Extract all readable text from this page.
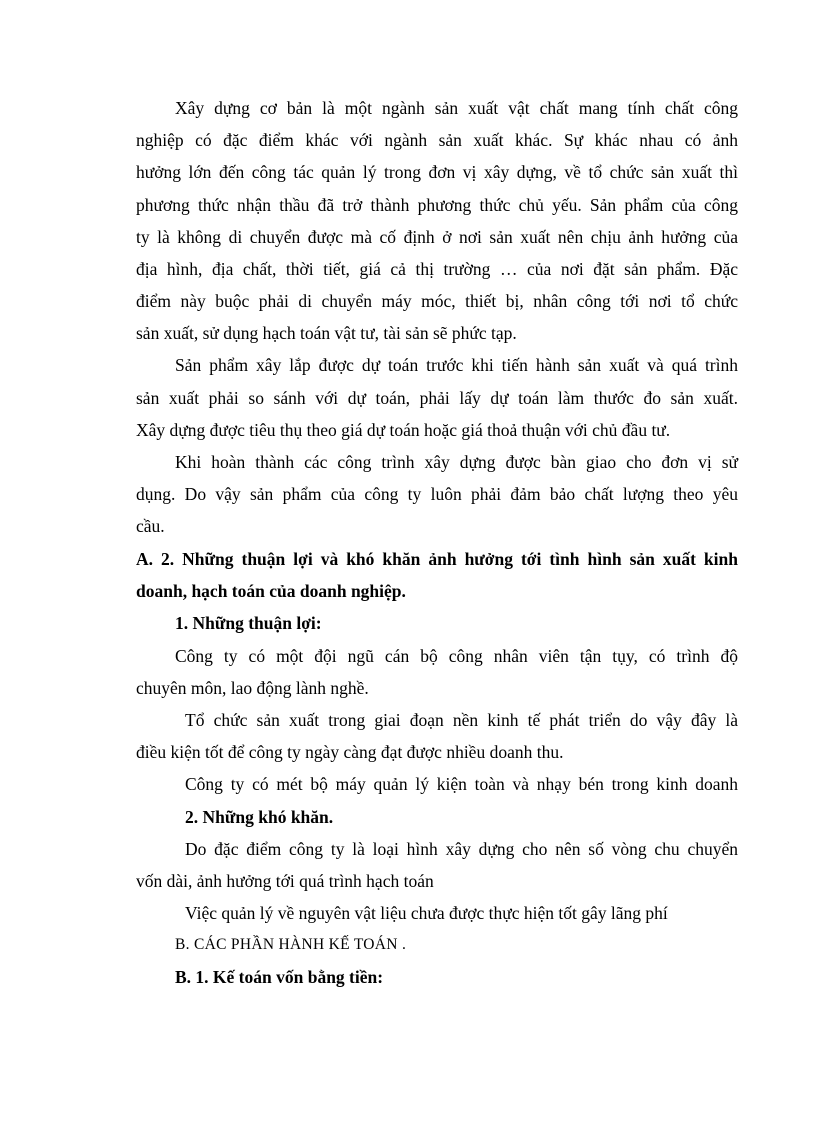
Xây dựng cơ bản là một ngành sản xuất vật chất mang tính chất công
nghiệp có đặc điểm khác với ngành sản xuất khác. Sự khác nhau có ảnh
hưởng lớn đến công tác quản lý trong đơn vị xây dựng, về tổ chức sản xuất thì
phương thức nhận thầu đã trở thành phương thức chủ yếu. Sản phẩm của công
ty là không di chuyển được mà cố định ở nơi sản xuất nên chịu ảnh hưởng của
địa hình, địa chất, thời tiết, giá cả thị trường … của nơi đặt sản phẩm. Đặc
điểm này buộc phải di chuyển máy móc, thiết bị, nhân công tới nơi tổ chức
sản xuất, sử dụng hạch toán vật tư, tài sản sẽ phức tạp.
Sản phẩm xây lắp được dự toán trước khi tiến hành sản xuất và quá trình
sản xuất phải so sánh với dự toán, phải lấy dự toán làm thước đo sản xuất.
Xây dựng được tiêu thụ theo giá dự toán hoặc giá thoả thuận với chủ đầu tư.
Khi hoàn thành các công trình xây dựng được bàn giao cho đơn vị sử
dụng. Do vậy sản phẩm của công ty luôn phải đảm bảo chất lượng theo yêu
cầu.
A. 2. Những thuận lợi và khó khăn ảnh hưởng tới tình hình sản xuất kinh
doanh, hạch toán của doanh nghiệp.
1. Những thuận lợi:
Công ty có một đội ngũ cán bộ công nhân viên tận tụy, có trình độ
chuyên môn, lao động lành nghề.
Tổ chức sản xuất trong giai đoạn nền kinh tế phát triển do vậy đây là
điều kiện tốt để công ty ngày càng đạt được nhiều doanh thu.
Công ty có mét bộ máy quản lý kiện toàn và nhạy bén trong kinh doanh
2. Những khó khăn.
Do đặc điểm công ty là loại hình xây dựng cho nên số vòng chu chuyển
vốn dài, ảnh hưởng tới quá trình hạch toán
Việc quản lý về nguyên vật liệu chưa được thực hiện tốt gây lãng phí
B. CÁC PHẦN HÀNH KẾ TOÁN .
B. 1. Kế toán vốn bằng tiền:
